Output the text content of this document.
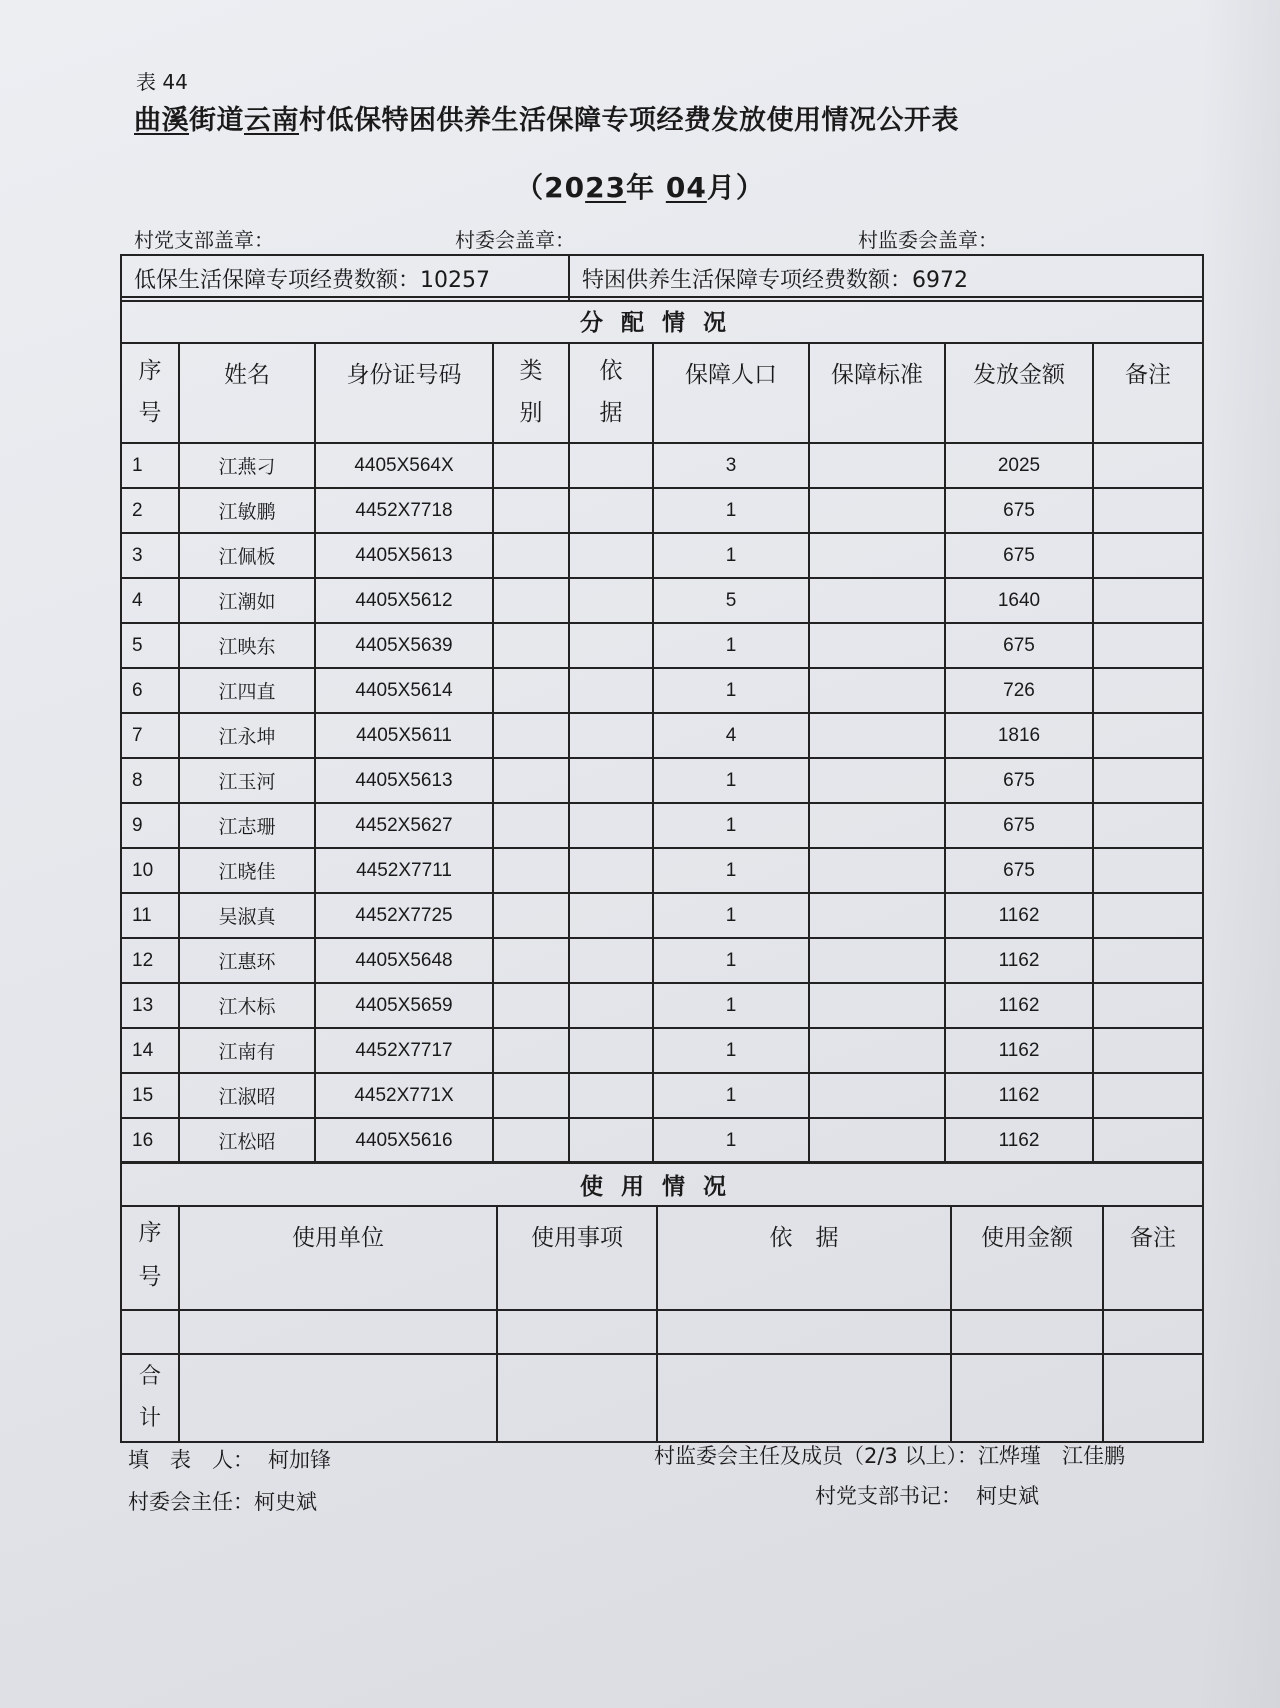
表 44
曲溪街道云南村低保特困供养生活保障专项经费发放使用情况公开表
（2023年 04月）
村党支部盖章：	村委会盖章：	村监委会盖章：
低保生活保障专项经费数额：10257	特困供养生活保障专项经费数额：6972
分配情况								
序
号	姓名	身份证号码	类
别	依
据	保障人口	保障标准	发放金额	备注
1	江燕刁	4405X564X			3		2025	
2	江敏鹏	4452X7718			1		675	
3	江佩板	4405X5613			1		675	
4	江潮如	4405X5612			5		1640	
5	江映东	4405X5639			1		675	
6	江四直	4405X5614			1		726	
7	江永坤	4405X5611			4		1816	
8	江玉河	4405X5613			1		675	
9	江志珊	4452X5627			1		675	
10	江晓佳	4452X7711			1		675	
11	吴淑真	4452X7725			1		1162	
12	江惠环	4405X5648			1		1162	
13	江木标	4405X5659			1		1162	
14	江南有	4452X7717			1		1162	
15	江淑昭	4452X771X			1		1162	
16	江松昭	4405X5616			1		1162	
使用情况					
序
号	使用单位	使用事项	依　据	使用金额	备注

合
计					
填　表　人： 柯加锋	村监委会主任及成员（2/3 以上）：江烨瑾　江佳鹏
村委会主任：柯史斌	村党支部书记： 柯史斌
